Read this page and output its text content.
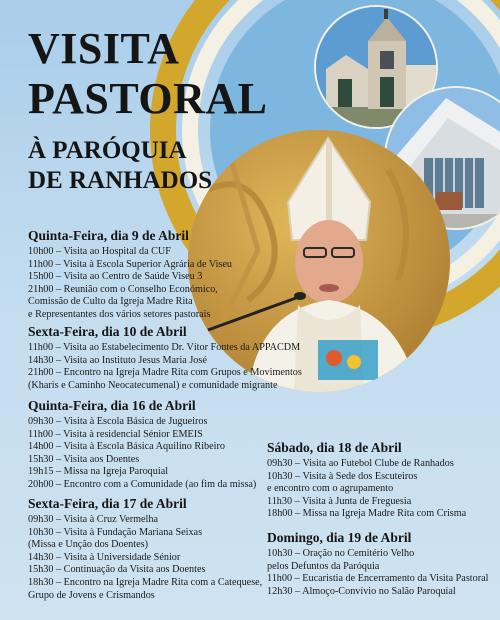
VISITA
PASTORAL
À PARÓQUIA
DE RANHADOS
Quinta-Feira, dia 9 de Abril
10h00 – Visita ao Hospital da CUF
11h00 – Visita à Escola Superior Agrária de Viseu
15h00 – Visita ao Centro de Saúde Viseu 3
21h00 – Reunião com o Conselho Económico,
Comissão de Culto da Igreja Madre Rita
e Representantes dos vários setores pastorais
Sexta-Feira, dia 10 de Abril
11h00 – Visita ao Estabelecimento Dr. Vítor Fontes da APPACDM
14h30 – Visita ao Instituto Jesus Maria José
21h00 – Encontro na Igreja Madre Rita com Grupos e Movimentos
(Kharis e Caminho Neocatecumenal) e comunidade migrante
Quinta-Feira, dia 16 de Abril
09h30 – Visita à Escola Básica de Jugueiros
11h00 – Visita à residencial Sénior EMEIS
14h00 – Visita à Escola Básica Aquilino Ribeiro
15h30 – Visita aos Doentes
19h15 – Missa na Igreja Paroquial
20h00 – Encontro com a Comunidade (ao fim da missa)
Sexta-Feira, dia 17 de Abril
09h30 – Visita à Cruz Vermelha
10h30 – Visita à Fundação Mariana Seixas
(Missa e Unção dos Doentes)
14h30 – Visita à Universidade Sénior
15h30 – Continuação da Visita aos Doentes
18h30 – Encontro na Igreja Madre Rita com a Catequese,
Grupo de Jovens e Crismandos
Sábado, dia 18 de Abril
09h30 – Visita ao Futebol Clube de Ranhados
10h30 – Visita à Sede dos Escuteiros
e encontro com o agrupamento
11h30 – Visita à Junta de Freguesia
18h00 – Missa na Igreja Madre Rita com Crisma
Domingo, dia 19 de Abril
10h30 – Oração no Cemitério Velho
pelos Defuntos da Paróquia
11h00 – Eucaristia de Encerramento da Visita Pastoral
12h30 – Almoço-Convívio no Salão Paroquial
